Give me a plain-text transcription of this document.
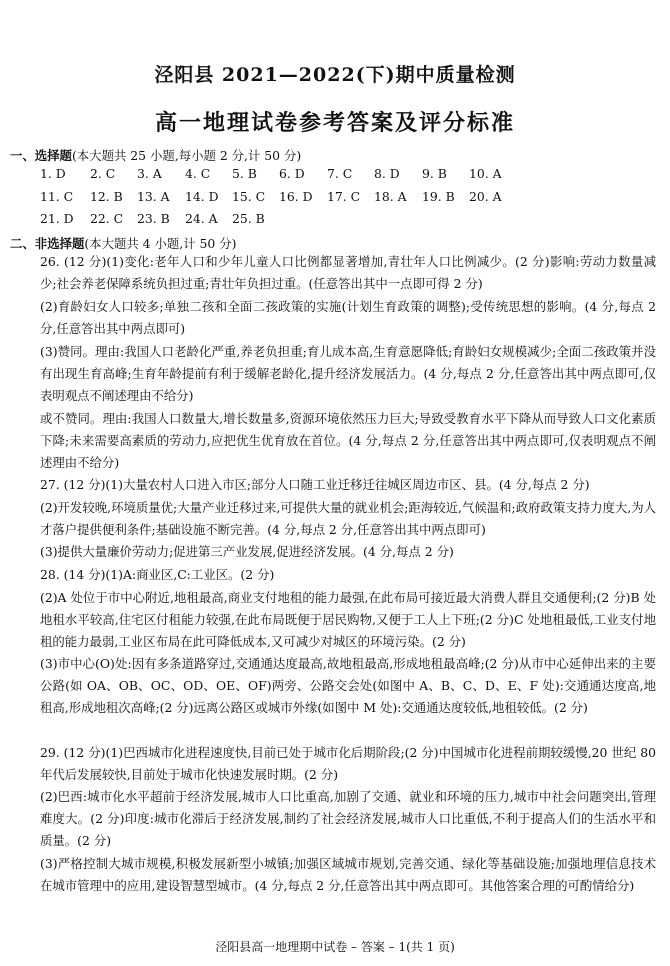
泾阳县 2021—2022(下)期中质量检测
高一地理试卷参考答案及评分标准
一、选择题(本大题共 25 小题,每小题 2 分,计 50 分)
1. D 2. C 3. A 4. C 5. B 6. D 7. C 8. D 9. B 10. A
11. C 12. B 13. A 14. D 15. C 16. D 17. C 18. A 19. B 20. A
21. D 22. C 23. B 24. A 25. B
二、非选择题(本大题共 4 小题,计 50 分)

26. (12 分)(1)变化:老年人口和少年儿童人口比例都显著增加,青壮年人口比例减少。(2 分)影响:劳动力数量减少;社会养老保障系统负担过重;青壮年负担过重。(任意答出其中一点即可得 2 分)

(2)育龄妇女人口较多;单独二孩和全面二孩政策的实施(计划生育政策的调整);受传统思想的影响。(4 分,每点 2 分,任意答出其中两点即可)

(3)赞同。理由:我国人口老龄化严重,养老负担重;育儿成本高,生育意愿降低;育龄妇女规模减少;全面二孩政策并没有出现生育高峰;生育年龄提前有利于缓解老龄化,提升经济发展活力。(4 分,每点 2 分,任意答出其中两点即可,仅表明观点不阐述理由不给分)

或不赞同。理由:我国人口数量大,增长数量多,资源环境依然压力巨大;导致受教育水平下降从而导致人口文化素质下降;未来需要高素质的劳动力,应把优生优育放在首位。(4 分,每点 2 分,任意答出其中两点即可,仅表明观点不阐述理由不给分)

27. (12 分)(1)大量农村人口进入市区;部分人口随工业迁移迁往城区周边市区、县。(4 分,每点 2 分)

(2)开发较晚,环境质量优;大量产业迁移过来,可提供大量的就业机会;距海较近,气候温和;政府政策支持力度大,为人才落户提供便利条件;基础设施不断完善。(4 分,每点 2 分,任意答出其中两点即可)

(3)提供大量廉价劳动力;促进第三产业发展,促进经济发展。(4 分,每点 2 分)

28. (14 分)(1)A:商业区,C:工业区。(2 分)

(2)A 处位于市中心附近,地租最高,商业支付地租的能力最强,在此布局可接近最大消费人群且交通便利;(2 分)B 处地租水平较高,住宅区付租能力较强,在此布局既便于居民购物,又便于工人上下班;(2 分)C 处地租最低,工业支付地租的能力最弱,工业区布局在此可降低成本,又可减少对城区的环境污染。(2 分)

(3)市中心(O)处:因有多条道路穿过,交通通达度最高,故地租最高,形成地租最高峰;(2 分)从市中心延伸出来的主要公路(如 OA、OB、OC、OD、OE、OF)两旁、公路交会处(如图中 A、B、C、D、E、F 处):交通通达度高,地租高,形成地租次高峰;(2 分)远离公路区或城市外缘(如图中 M 处):交通通达度较低,地租较低。(2 分)

29. (12 分)(1)巴西城市化进程速度快,目前已处于城市化后期阶段;(2 分)中国城市化进程前期较缓慢,20 世纪 80 年代后发展较快,目前处于城市化快速发展时期。(2 分)

(2)巴西:城市化水平超前于经济发展,城市人口比重高,加剧了交通、就业和环境的压力,城市中社会问题突出,管理难度大。(2 分)印度:城市化滞后于经济发展,制约了社会经济发展,城市人口比重低,不利于提高人们的生活水平和质量。(2 分)

(3)严格控制大城市规模,积极发展新型小城镇;加强区域城市规划,完善交通、绿化等基础设施;加强地理信息技术在城市管理中的应用,建设智慧型城市。(4 分,每点 2 分,任意答出其中两点即可。其他答案合理的可酌情给分)

泾阳县高一地理期中试卷 – 答案 – 1(共 1 页)
